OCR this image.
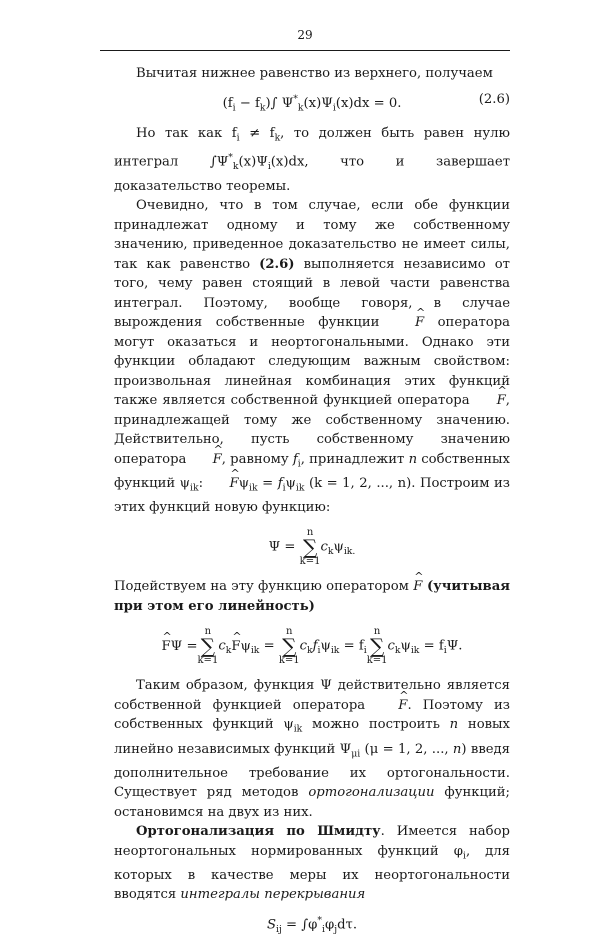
29

Вычитая нижнее равенство из верхнего, получаем

$(f_i - f_k)\int$ $\Psi^*_k(x)\Psi_i(x)dx = 0$.	(2.6)

Но так как $f_i \ne f_k$, то должен быть равен нулю интеграл $\int\Psi^*_k(x)\Psi_i(x)dx$, что и завершает доказательство теоремы.

Очевидно, что в том случае, если обе функции принадлежат одному и тому же собственному значению, приведенное доказательство не имеет силы, так как равенство (2.6) выполняется независимо от того, чему равен стоящий в левой части равенства интеграл. Поэтому, вообще говоря, в случае вырождения собственные функции ^ F оператора могут оказаться и неортогональными. Однако эти функции обладают следующим важным свойством: произвольная линейная комбинация этих функций также является собственной функцией оператора ^ F, принадлежащей тому же собственному значению. Действительно, пусть собственному значению оператора ^ F, равному $f_i$, принадлежит n собственных функций $\psi_{ik}$: ^ $F\psi_{ik} = f_i\psi_{ik}$ (k = 1, 2, ..., n). Построим из этих функций новую функцию:

Ψ = n
∑
$k=1c_k\psi_{ik.}$

Подействуем на эту функцию оператором ^ F (учитывая при этом его линейность)

^ FΨ =n
∑
$k=1c_k\^{}$ $F\psi_{ik} = n$
∑
$k=1c_kf_i\psi_{ik} = f_in$
∑
$k=1c_k\psi_{ik} = f_i\Psi$.

Таким образом, функция Ψ действительно является собственной функцией оператора ^ F. Поэтому из собственных функций $\psi_{ik}$ можно построить n новых линейно независимых функций $\Psi_{\mu i}$ (μ = 1, 2, ..., n) введя дополнительное требование их ортогональности. Существует ряд методов ортогонализации функций; остановимся на двух из них.

Ортогонализация по Шмидту. Имеется набор неортогональных нормированных функций $\varphi_i$, для которых в качестве меры их неортогональности вводятся интегралы перекрывания

$S_{ij} = \int\varphi^*_i\varphi_jd\tau$.
